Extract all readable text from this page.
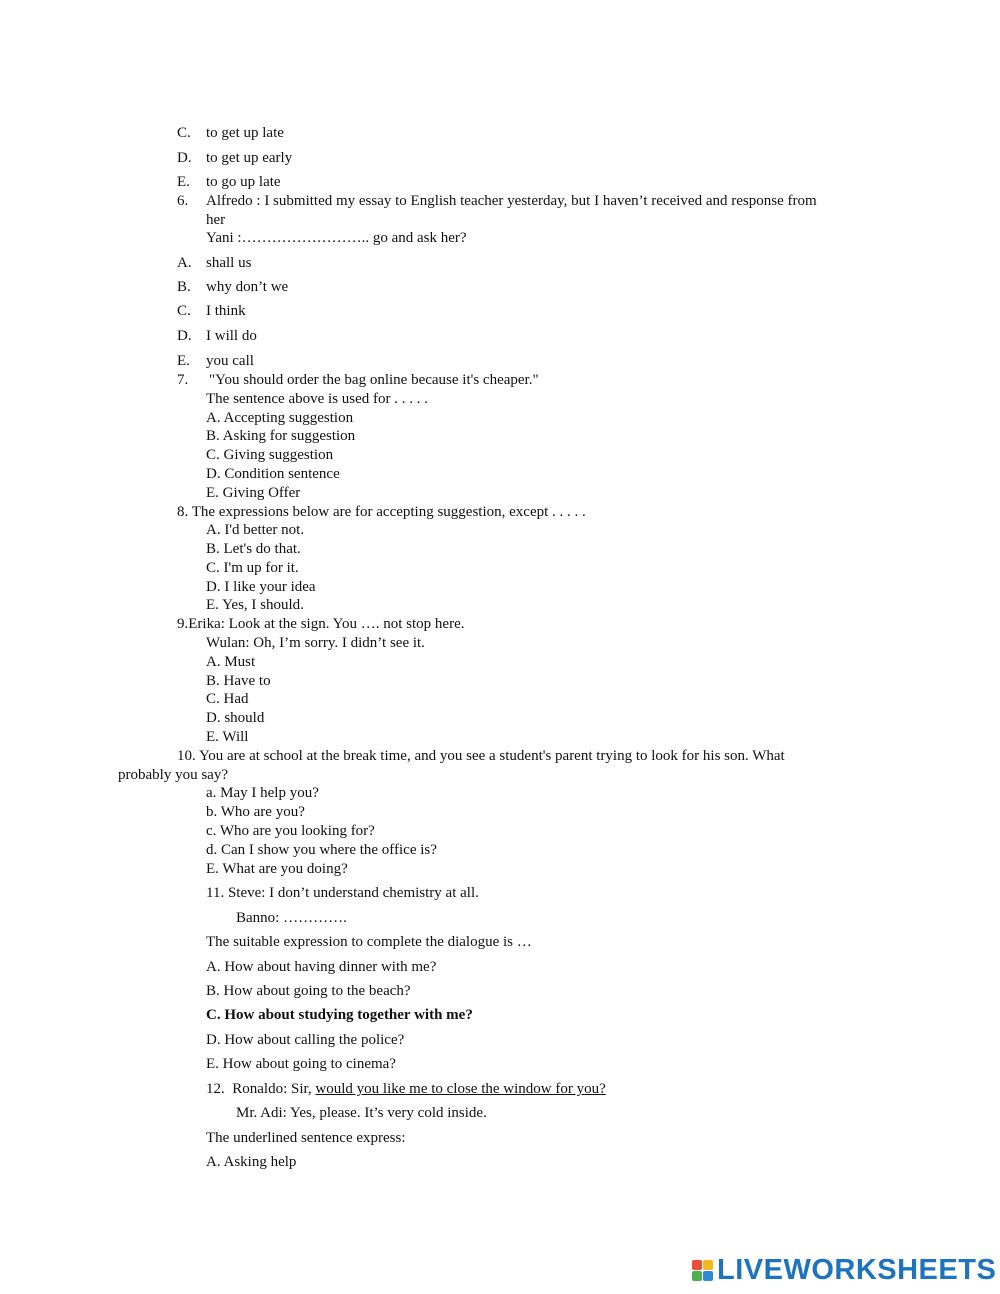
C. to get up late
D. to get up early
E. to go up late
6. Alfredo : I submitted my essay to English teacher yesterday, but I haven’t received and response from
her
Yani :…………………….. go and ask her?
A. shall us
B. why don’t we
C. I think
D. I will do
E. you call
7. "You should order the bag online because it's cheaper."
The sentence above is used for . . . . .
A. Accepting suggestion
B. Asking for suggestion
C. Giving suggestion
D. Condition sentence
E. Giving Offer
8. The expressions below are for accepting suggestion, except . . . . .
A. I'd better not.
B. Let's do that.
C. I'm up for it.
D. I like your idea
E. Yes, I should.
9.Erika: Look at the sign. You …. not stop here.
Wulan: Oh, I’m sorry. I didn’t see it.
A. Must
B. Have to
C. Had
D. should
E. Will
10. You are at school at the break time, and you see a student's parent trying to look for his son. What
probably you say?
a. May I help you?
b. Who are you?
c. Who are you looking for?
d. Can I show you where the office is?
E. What are you doing?
11. Steve: I don’t understand chemistry at all.
Banno: ………….
The suitable expression to complete the dialogue is …
A. How about having dinner with me?
B. How about going to the beach?
C. How about studying together with me?
D. How about calling the police?
E. How about going to cinema?
12.  Ronaldo: Sir, would you like me to close the window for you?
Mr. Adi: Yes, please. It’s very cold inside.
The underlined sentence express:
A. Asking help
LIVEWORKSHEETS
